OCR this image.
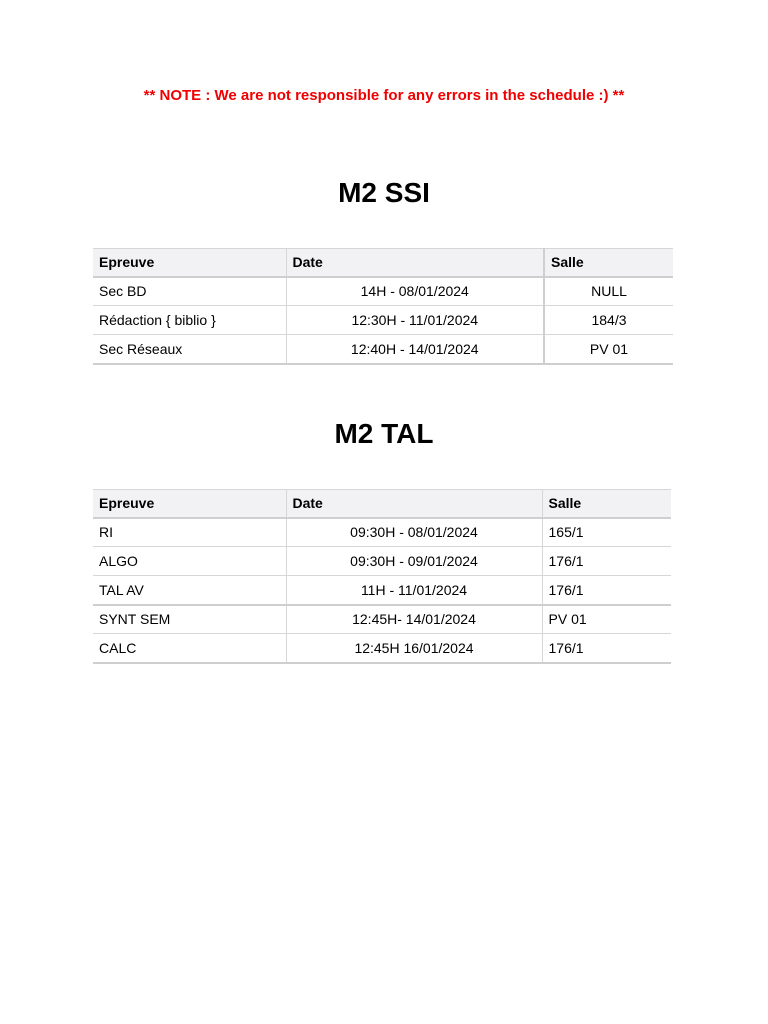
** NOTE : We are not responsible for any errors in the schedule :) **
M2 SSI
Epreuve	Date	Salle
Sec BD	14H - 08/01/2024	NULL
Rédaction { biblio }	12:30H - 11/01/2024	184/3
Sec Réseaux	12:40H - 14/01/2024	PV 01
M2 TAL
Epreuve	Date	Salle
RI	09:30H - 08/01/2024	165/1
ALGO	09:30H - 09/01/2024	176/1
TAL AV	11H - 11/01/2024	176/1
SYNT SEM	12:45H- 14/01/2024	PV 01
CALC	12:45H 16/01/2024	176/1
